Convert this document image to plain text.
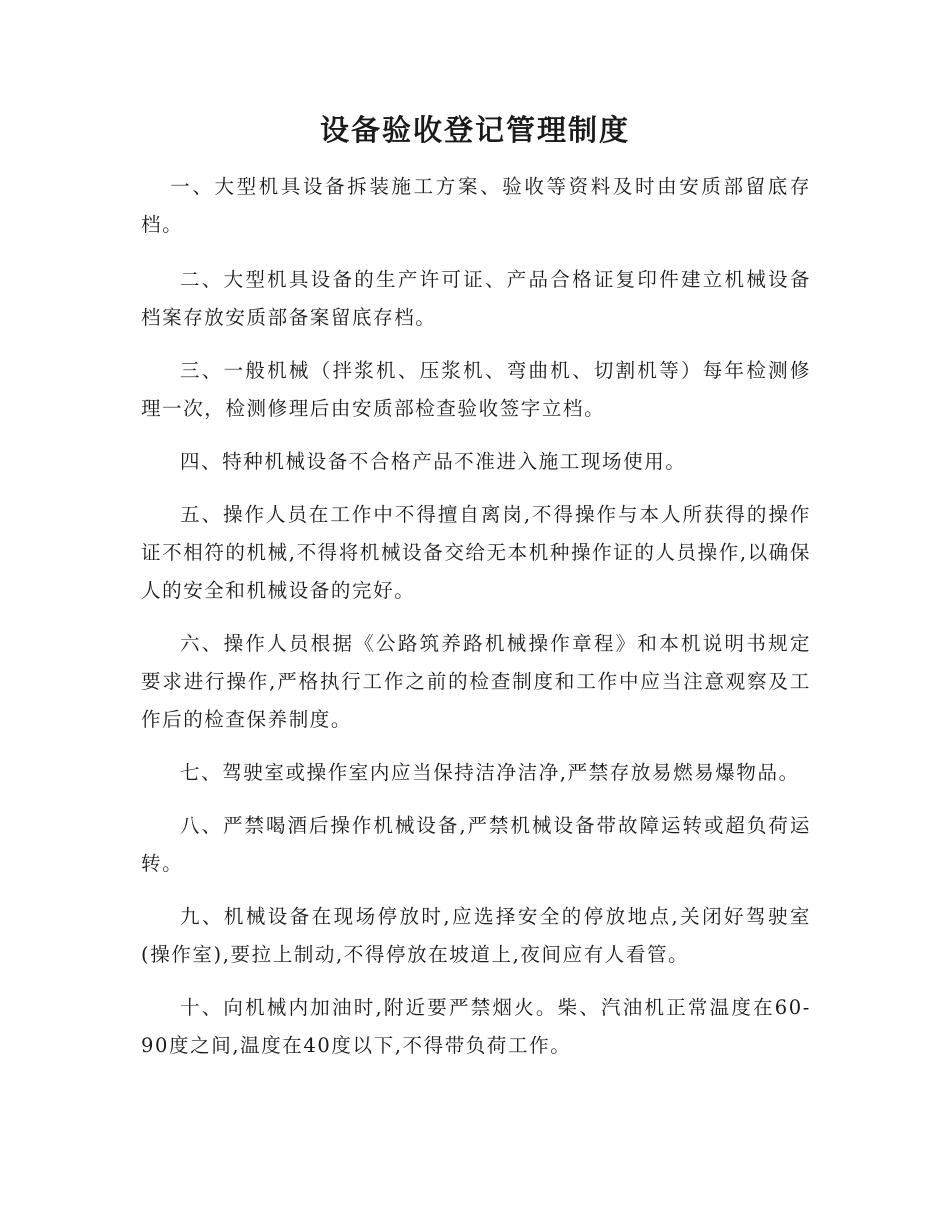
设备验收登记管理制度

一、大型机具设备拆装施工方案、验收等资料及时由安质部留底存档。

二、大型机具设备的生产许可证、产品合格证复印件建立机械设备档案存放安质部备案留底存档。

三、一般机械（拌浆机、压浆机、弯曲机、切割机等）每年检测修理一次，检测修理后由安质部检查验收签字立档。

四、特种机械设备不合格产品不准进入施工现场使用。

五、操作人员在工作中不得擅自离岗,不得操作与本人所获得的操作证不相符的机械,不得将机械设备交给无本机种操作证的人员操作,以确保人的安全和机械设备的完好。

六、操作人员根据《公路筑养路机械操作章程》和本机说明书规定要求进行操作,严格执行工作之前的检查制度和工作中应当注意观察及工作后的检查保养制度。

七、驾驶室或操作室内应当保持洁净洁净,严禁存放易燃易爆物品。

八、严禁喝酒后操作机械设备,严禁机械设备带故障运转或超负荷运转。

九、机械设备在现场停放时,应选择安全的停放地点,关闭好驾驶室(操作室),要拉上制动,不得停放在坡道上,夜间应有人看管。

十、向机械内加油时,附近要严禁烟火。柴、汽油机正常温度在60-90度之间,温度在40度以下,不得带负荷工作。
